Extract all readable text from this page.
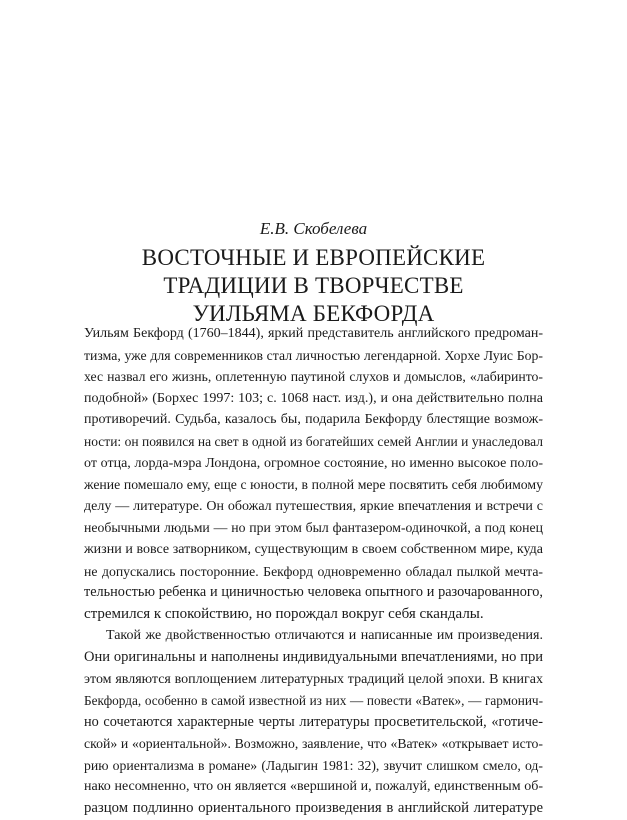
Е.В. Скобелева
ВОСТОЧНЫЕ И ЕВРОПЕЙСКИЕ
ТРАДИЦИИ В ТВОРЧЕСТВЕ
УИЛЬЯМА БЕКФОРДА
Уильям Бекфорд (1760–1844), яркий представитель английского предроман-
тизма, уже для современников стал личностью легендарной. Хорхе Луис Бор-
хес назвал его жизнь, оплетенную паутиной слухов и домыслов, «лабиринто-
подобной» (Борхес 1997: 103; с. 1068 наст. изд.), и она действительно полна
противоречий. Судьба, казалось бы, подарила Бекфорду блестящие возмож-
ности: он появился на свет в одной из богатейших семей Англии и унаследовал
от отца, лорда-мэра Лондона, огромное состояние, но именно высокое поло-
жение помешало ему, еще с юности, в полной мере посвятить себя любимому
делу — литературе. Он обожал путешествия, яркие впечатления и встречи с
необычными людьми — но при этом был фантазером-одиночкой, а под конец
жизни и вовсе затворником, существующим в своем собственном мире, куда
не допускались посторонние. Бекфорд одновременно обладал пылкой мечта-
тельностью ребенка и циничностью человека опытного и разочарованного,
стремился к спокойствию, но порождал вокруг себя скандалы.
Такой же двойственностью отличаются и написанные им произведения.
Они оригинальны и наполнены индивидуальными впечатлениями, но при
этом являются воплощением литературных традиций целой эпохи. В книгах
Бекфорда, особенно в самой известной из них — повести «Ватек», — гармонич-
но сочетаются характерные черты литературы просветительской, «готиче-
ской» и «ориентальной». Возможно, заявление, что «Ватек» «открывает исто-
рию ориентализма в романе» (Ладыгин 1981: 32), звучит слишком смело, од-
нако несомненно, что он является «вершиной и, пожалуй, единственным об-
разцом подлинно ориентального произведения в английской литературе
